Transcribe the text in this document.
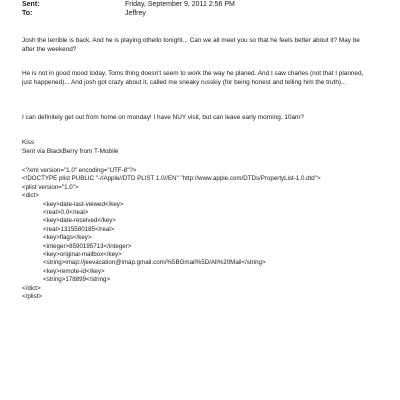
Sent:	Friday, September 9, 2011 2:56 PM
To:	Jeffrey

Josh the terrible is back. And he is playing othello tonight... Can we all meet you so that he feels better about it? May be after the weekend?

He is not in good mood today. Toms thing doesn't seem to work the way he planed. And I saw charles (not that I planned, just happened)... And josh got crazy about it, called me sneaky russkiy (for being honest and telling him the truth)...

I can definitely get out from home on monday! I have NUY visit, but can leave early morning. 10am?

Kiss

Sent via BlackBerry from T-Mobile

<?xml version="1.0" encoding="UTF-8"?>
<!DOCTYPE plist PUBLIC "-//Apple//DTD PLIST 1.0//EN" "http://www.apple.com/DTDs/PropertyList-1.0.dtd">
<plist version="1.0">
<dict>
<key>date-last-viewed</key>
<real>0.0</real>
<key>date-received</key>
<real>1315580185</real>
<key>flags</key>
<integer>8590195713</integer>
<key>original-mailbox</key>
<string>imap://jeevacation@imap.gmail.com/%5BGmail%5D/All%20Mail</string>
<key>remote-id</key>
<string>178899</string>
</dict>
</plist>
